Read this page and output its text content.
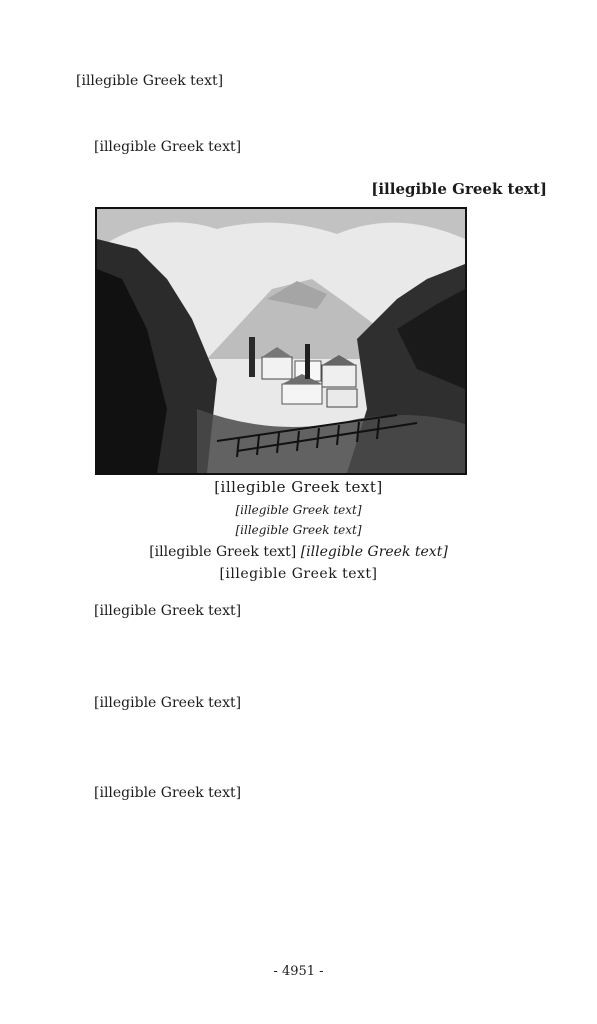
[illegible Greek text]
[illegible Greek text]
[illegible Greek text]
[illegible Greek text]
[illegible Greek text]
[illegible Greek text]
[illegible Greek text] [illegible Greek text]
[illegible Greek text]
[illegible Greek text]
[illegible Greek text]
[illegible Greek text]
- 4951 -
